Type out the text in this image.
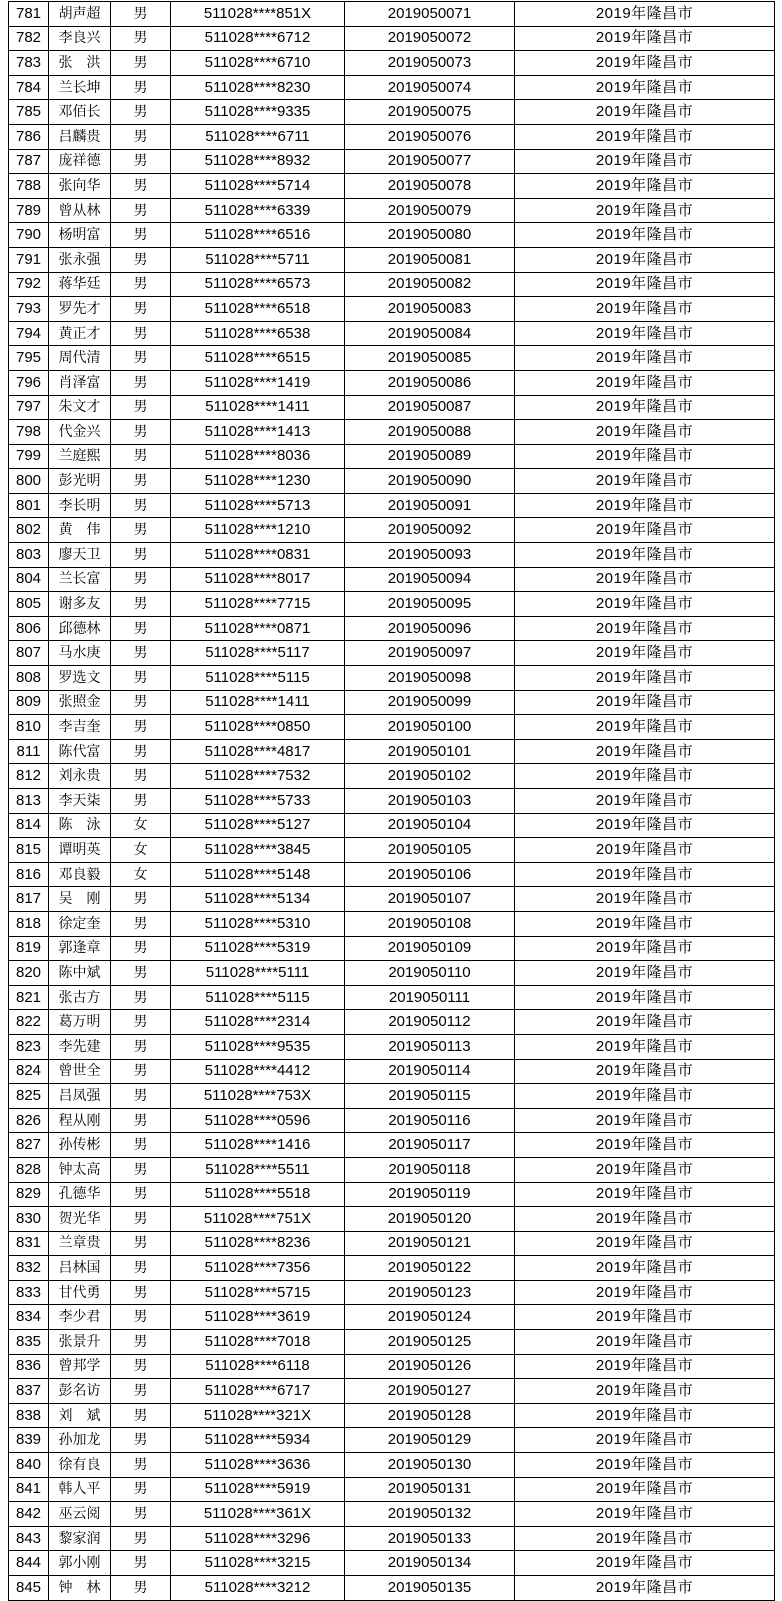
781	胡声超	男	511028****851X	2019050071	2019年隆昌市
782	李良兴	男	511028****6712	2019050072	2019年隆昌市
783	张　洪	男	511028****6710	2019050073	2019年隆昌市
784	兰长坤	男	511028****8230	2019050074	2019年隆昌市
785	邓佰长	男	511028****9335	2019050075	2019年隆昌市
786	吕麟贵	男	511028****6711	2019050076	2019年隆昌市
787	庞祥德	男	511028****8932	2019050077	2019年隆昌市
788	张向华	男	511028****5714	2019050078	2019年隆昌市
789	曾从林	男	511028****6339	2019050079	2019年隆昌市
790	杨明富	男	511028****6516	2019050080	2019年隆昌市
791	张永强	男	511028****5711	2019050081	2019年隆昌市
792	蒋华廷	男	511028****6573	2019050082	2019年隆昌市
793	罗先才	男	511028****6518	2019050083	2019年隆昌市
794	黄正才	男	511028****6538	2019050084	2019年隆昌市
795	周代清	男	511028****6515	2019050085	2019年隆昌市
796	肖泽富	男	511028****1419	2019050086	2019年隆昌市
797	朱文才	男	511028****1411	2019050087	2019年隆昌市
798	代金兴	男	511028****1413	2019050088	2019年隆昌市
799	兰庭熙	男	511028****8036	2019050089	2019年隆昌市
800	彭光明	男	511028****1230	2019050090	2019年隆昌市
801	李长明	男	511028****5713	2019050091	2019年隆昌市
802	黄　伟	男	511028****1210	2019050092	2019年隆昌市
803	廖天卫	男	511028****0831	2019050093	2019年隆昌市
804	兰长富	男	511028****8017	2019050094	2019年隆昌市
805	谢多友	男	511028****7715	2019050095	2019年隆昌市
806	邱德林	男	511028****0871	2019050096	2019年隆昌市
807	马水庚	男	511028****5117	2019050097	2019年隆昌市
808	罗选文	男	511028****5115	2019050098	2019年隆昌市
809	张照金	男	511028****1411	2019050099	2019年隆昌市
810	李吉奎	男	511028****0850	2019050100	2019年隆昌市
811	陈代富	男	511028****4817	2019050101	2019年隆昌市
812	刘永贵	男	511028****7532	2019050102	2019年隆昌市
813	李天柒	男	511028****5733	2019050103	2019年隆昌市
814	陈　泳	女	511028****5127	2019050104	2019年隆昌市
815	谭明英	女	511028****3845	2019050105	2019年隆昌市
816	邓良毅	女	511028****5148	2019050106	2019年隆昌市
817	吴　刚	男	511028****5134	2019050107	2019年隆昌市
818	徐定奎	男	511028****5310	2019050108	2019年隆昌市
819	郭逢章	男	511028****5319	2019050109	2019年隆昌市
820	陈中斌	男	511028****5111	2019050110	2019年隆昌市
821	张古方	男	511028****5115	2019050111	2019年隆昌市
822	葛万明	男	511028****2314	2019050112	2019年隆昌市
823	李先建	男	511028****9535	2019050113	2019年隆昌市
824	曾世全	男	511028****4412	2019050114	2019年隆昌市
825	吕凤强	男	511028****753X	2019050115	2019年隆昌市
826	程从刚	男	511028****0596	2019050116	2019年隆昌市
827	孙传彬	男	511028****1416	2019050117	2019年隆昌市
828	钟太高	男	511028****5511	2019050118	2019年隆昌市
829	孔德华	男	511028****5518	2019050119	2019年隆昌市
830	贺光华	男	511028****751X	2019050120	2019年隆昌市
831	兰章贵	男	511028****8236	2019050121	2019年隆昌市
832	吕林国	男	511028****7356	2019050122	2019年隆昌市
833	甘代勇	男	511028****5715	2019050123	2019年隆昌市
834	李少君	男	511028****3619	2019050124	2019年隆昌市
835	张景升	男	511028****7018	2019050125	2019年隆昌市
836	曾邦学	男	511028****6118	2019050126	2019年隆昌市
837	彭名访	男	511028****6717	2019050127	2019年隆昌市
838	刘　斌	男	511028****321X	2019050128	2019年隆昌市
839	孙加龙	男	511028****5934	2019050129	2019年隆昌市
840	徐有良	男	511028****3636	2019050130	2019年隆昌市
841	韩人平	男	511028****5919	2019050131	2019年隆昌市
842	巫云阅	男	511028****361X	2019050132	2019年隆昌市
843	黎家润	男	511028****3296	2019050133	2019年隆昌市
844	郭小刚	男	511028****3215	2019050134	2019年隆昌市
845	钟　林	男	511028****3212	2019050135	2019年隆昌市
